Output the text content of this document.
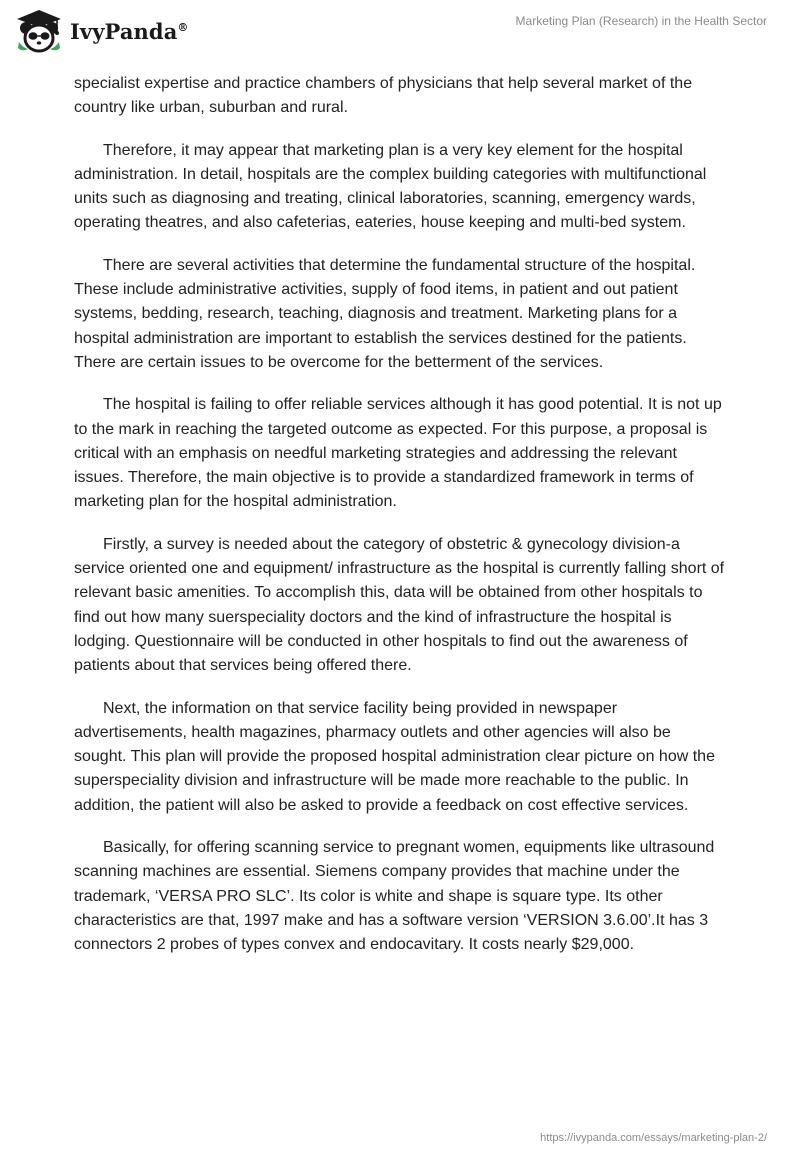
IvyPanda®	Marketing Plan (Research) in the Health Sector

specialist expertise and practice chambers of physicians that help several market of the country like urban, suburban and rural.

Therefore, it may appear that marketing plan is a very key element for the hospital administration. In detail, hospitals are the complex building categories with multifunctional units such as diagnosing and treating, clinical laboratories, scanning, emergency wards, operating theatres, and also cafeterias, eateries, house keeping and multi-bed system.

There are several activities that determine the fundamental structure of the hospital. These include administrative activities, supply of food items, in patient and out patient systems, bedding, research, teaching, diagnosis and treatment. Marketing plans for a hospital administration are important to establish the services destined for the patients. There are certain issues to be overcome for the betterment of the services.

The hospital is failing to offer reliable services although it has good potential. It is not up to the mark in reaching the targeted outcome as expected. For this purpose, a proposal is critical with an emphasis on needful marketing strategies and addressing the relevant issues. Therefore, the main objective is to provide a standardized framework in terms of marketing plan for the hospital administration.

Firstly, a survey is needed about the category of obstetric & gynecology division-a service oriented one and equipment/ infrastructure as the hospital is currently falling short of relevant basic amenities. To accomplish this, data will be obtained from other hospitals to find out how many suerspeciality doctors and the kind of infrastructure the hospital is lodging. Questionnaire will be conducted in other hospitals to find out the awareness of patients about that services being offered there.

Next, the information on that service facility being provided in newspaper advertisements, health magazines, pharmacy outlets and other agencies will also be sought. This plan will provide the proposed hospital administration clear picture on how the superspeciality division and infrastructure will be made more reachable to the public. In addition, the patient will also be asked to provide a feedback on cost effective services.

Basically, for offering scanning service to pregnant women, equipments like ultrasound scanning machines are essential. Siemens company provides that machine under the trademark, ‘VERSA PRO SLC’. Its color is white and shape is square type. Its other characteristics are that, 1997 make and has a software version ‘VERSION 3.6.00’.It has 3 connectors 2 probes of types convex and endocavitary. It costs nearly $29,000.

https://ivypanda.com/essays/marketing-plan-2/
